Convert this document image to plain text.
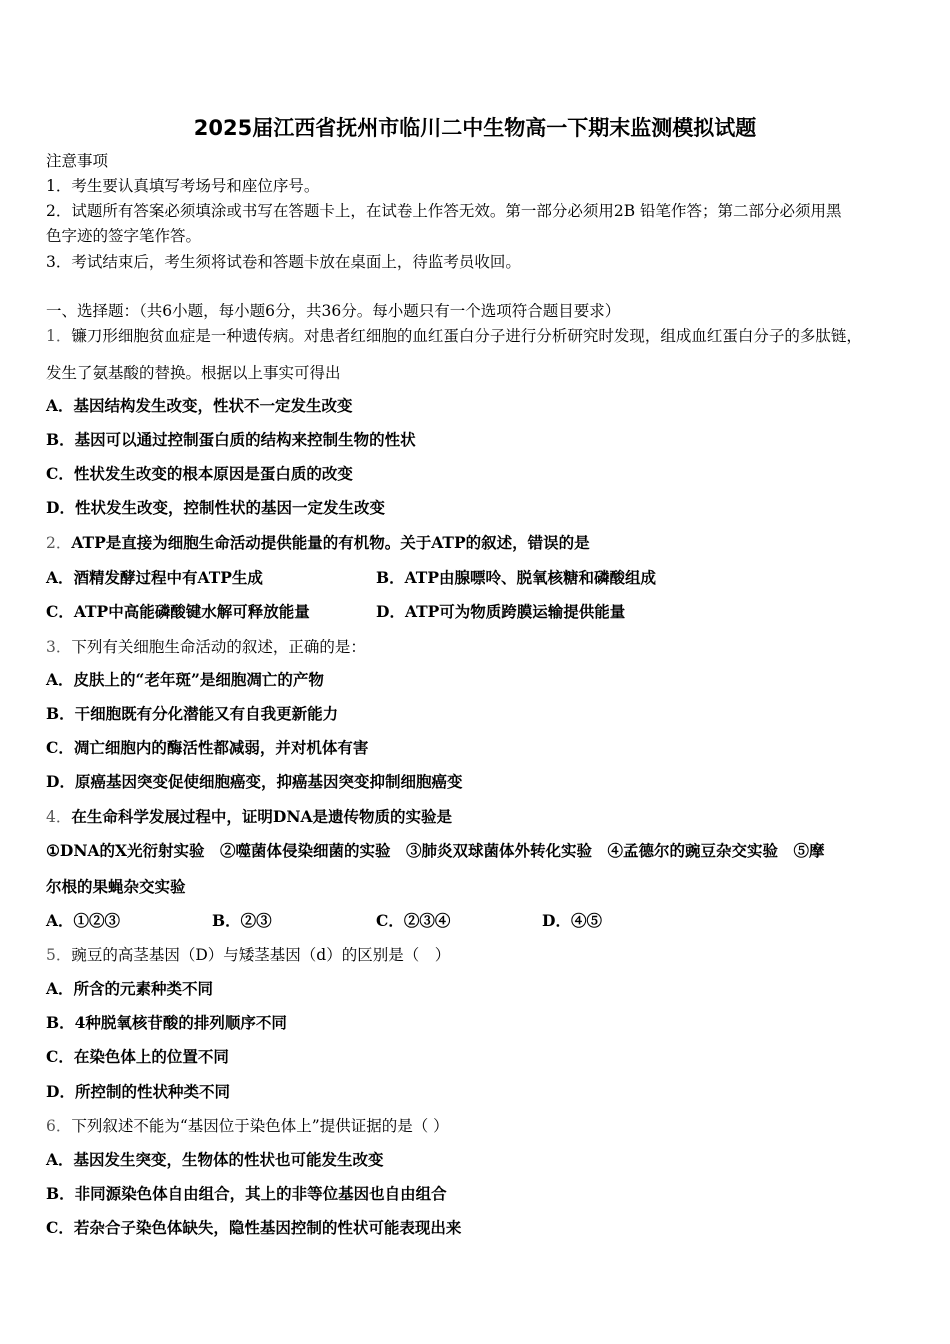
2025届江西省抚州市临川二中生物高一下期末监测模拟试题
注意事项
1．考生要认真填写考场号和座位序号。
2．试题所有答案必须填涂或书写在答题卡上，在试卷上作答无效。第一部分必须用2B 铅笔作答；第二部分必须用黑
色字迹的签字笔作答。
3．考试结束后，考生须将试卷和答题卡放在桌面上，待监考员收回。
一、选择题：（共6小题，每小题6分，共36分。每小题只有一个选项符合题目要求）
1．镰刀形细胞贫血症是一种遗传病。对患者红细胞的血红蛋白分子进行分析研究时发现，组成血红蛋白分子的多肽链，
发生了氨基酸的替换。根据以上事实可得出
A．基因结构发生改变，性状不一定发生改变
B．基因可以通过控制蛋白质的结构来控制生物的性状
C．性状发生改变的根本原因是蛋白质的改变
D．性状发生改变，控制性状的基因一定发生改变
2．ATP是直接为细胞生命活动提供能量的有机物。关于ATP的叙述，错误的是
A．酒精发酵过程中有ATP生成	B．ATP由腺嘌呤、脱氧核糖和磷酸组成
C．ATP中高能磷酸键水解可释放能量	D．ATP可为物质跨膜运输提供能量
3．下列有关细胞生命活动的叙述，正确的是：
A．皮肤上的“老年斑”是细胞凋亡的产物
B．干细胞既有分化潜能又有自我更新能力
C．凋亡细胞内的酶活性都减弱，并对机体有害
D．原癌基因突变促使细胞癌变，抑癌基因突变抑制细胞癌变
4．在生命科学发展过程中，证明DNA是遗传物质的实验是
①DNA的X光衍射实验　②噬菌体侵染细菌的实验　③肺炎双球菌体外转化实验　④孟德尔的豌豆杂交实验　⑤摩
尔根的果蝇杂交实验
A．①②③	B．②③	C．②③④	D．④⑤
5．豌豆的高茎基因（D）与矮茎基因（d）的区别是（　）
A．所含的元素种类不同
B．4种脱氧核苷酸的排列顺序不同
C．在染色体上的位置不同
D．所控制的性状种类不同
6．下列叙述不能为“基因位于染色体上”提供证据的是（ ）
A．基因发生突变，生物体的性状也可能发生改变
B．非同源染色体自由组合，其上的非等位基因也自由组合
C．若杂合子染色体缺失，隐性基因控制的性状可能表现出来
